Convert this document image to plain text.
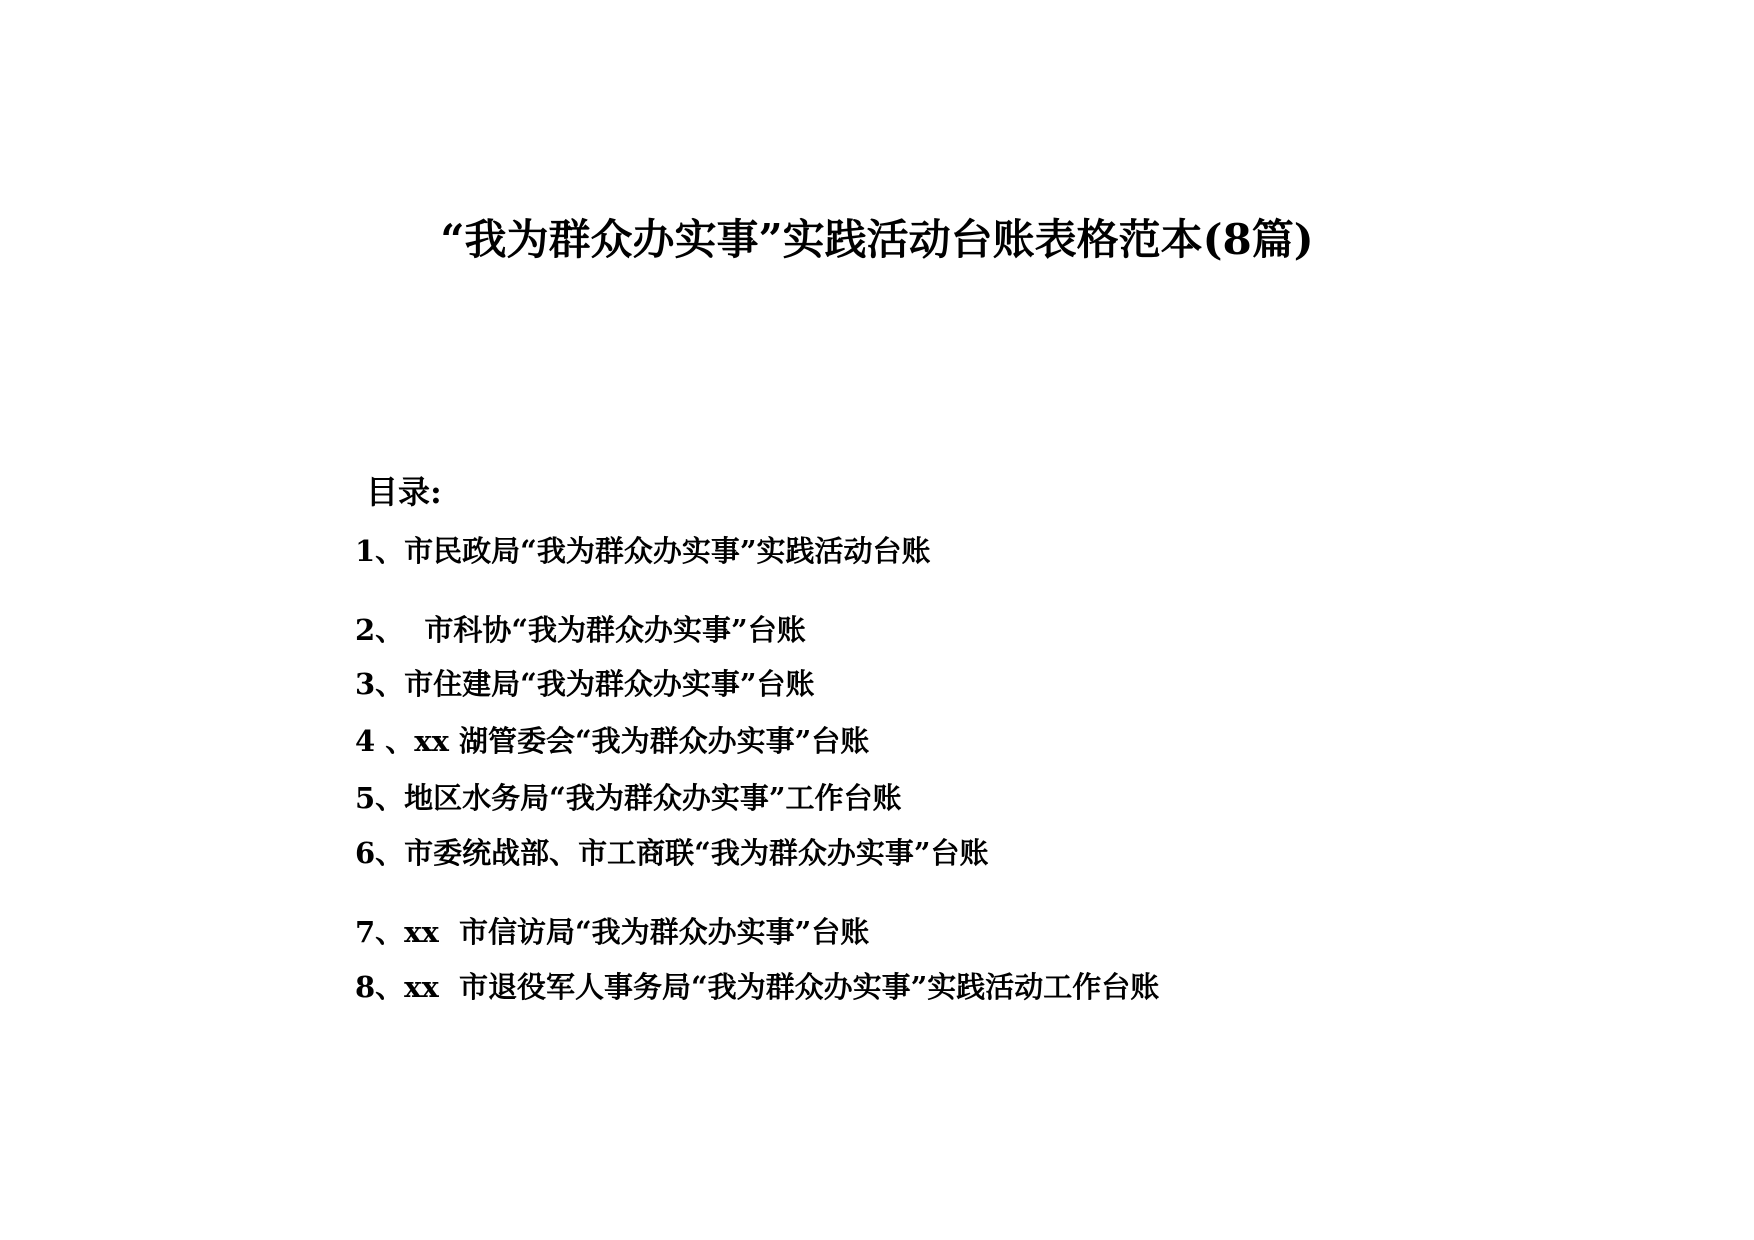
“我为群众办实事”实践活动台账表格范本(8篇)
目录:
1、市民政局“我为群众办实事”实践活动台账
2、  市科协“我为群众办实事”台账
3、市住建局“我为群众办实事”台账
4 、xx 湖管委会“我为群众办实事”台账
5、地区水务局“我为群众办实事”工作台账
6、市委统战部、市工商联“我为群众办实事”台账
7、xx  市信访局“我为群众办实事”台账
8、xx  市退役军人事务局“我为群众办实事”实践活动工作台账
